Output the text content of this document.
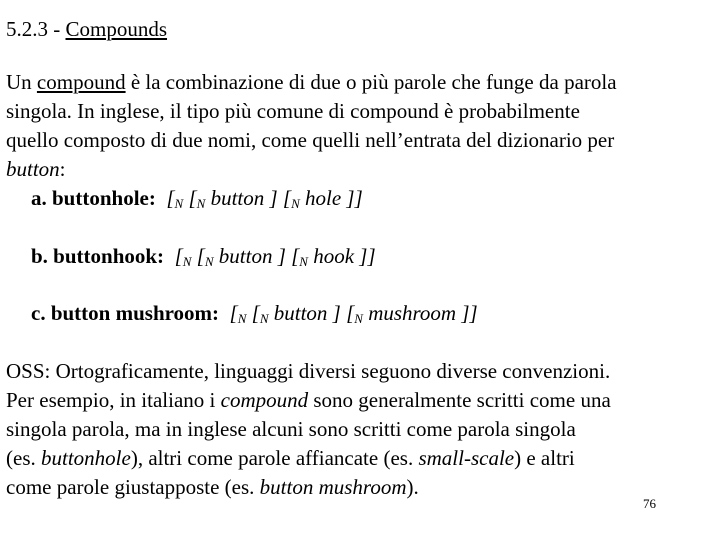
5.2.3 - Compounds
Un compound è la combinazione di due o più parole che funge da parola
singola. In inglese, il tipo più comune di compound è probabilmente
quello composto di due nomi, come quelli nell’entrata del dizionario per
button:
a. buttonhole: [$_N$ [$_N$ button ] [$_N$ hole ]]
b. buttonhook: [$_N$ [$_N$ button ] [$_N$ hook ]]
c. button mushroom: [$_N$ [$_N$ button ] [$_N$ mushroom ]]
OSS: Ortograficamente, linguaggi diversi seguono diverse convenzioni.
Per esempio, in italiano i compound sono generalmente scritti come una
singola parola, ma in inglese alcuni sono scritti come parola singola
(es. buttonhole), altri come parole affiancate (es. small-scale) e altri
come parole giustapposte (es. button mushroom).
76
